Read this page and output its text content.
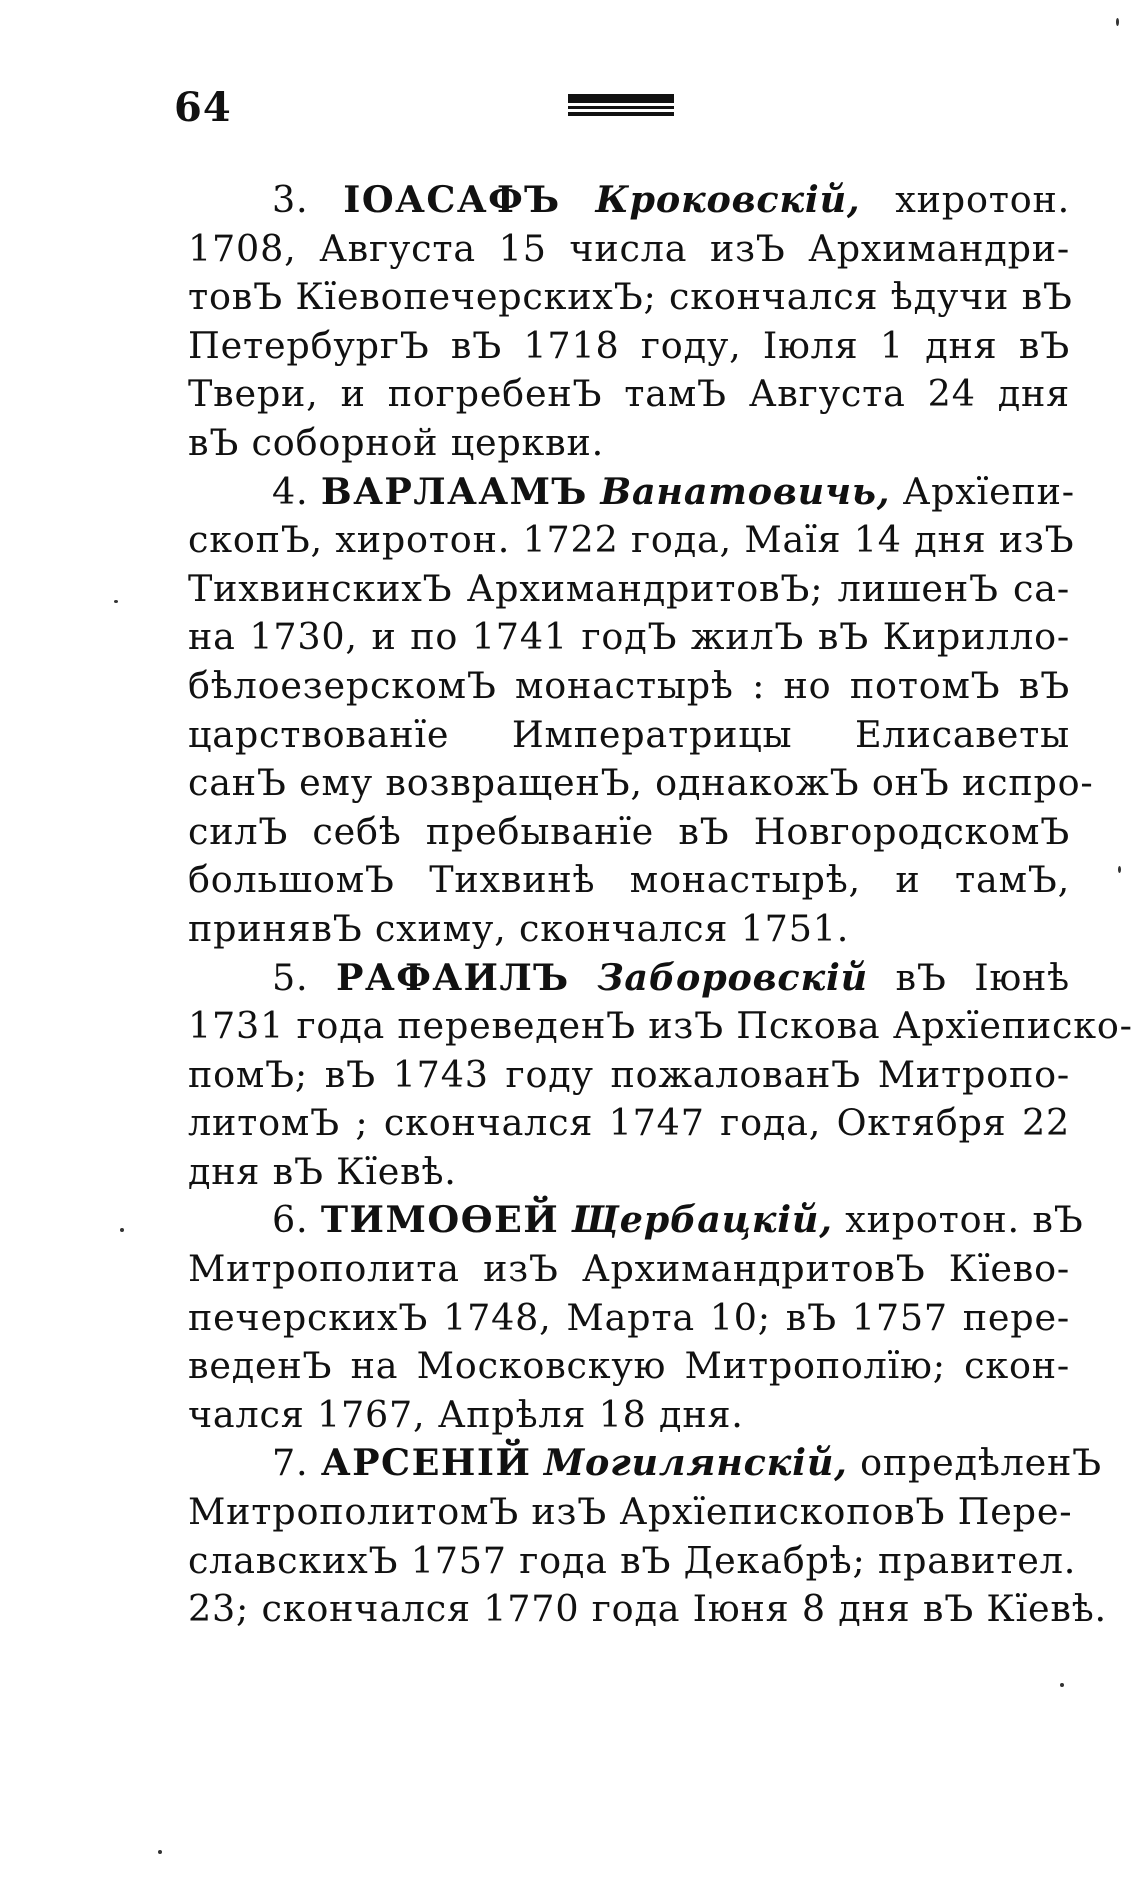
64
3. ІОАСАФЪ Кроковскій, хиротон.
1708, Августа 15 числа изЪ Архимандри-
товЪ КїевопечерскихЪ; скончался ѣдучи вЪ
ПетербургЪ вЪ 1718 году, Іюля 1 дня вЪ
Твери, и погребенЪ тамЪ Августа 24 дня
вЪ соборной церкви.
4. ВАРЛААМЪ Ванатовичь, Архїепи-
скопЪ, хиротон. 1722 года, Маїя 14 дня изЪ
ТихвинскихЪ АрхимандритовЪ; лишенЪ са-
на 1730, и по 1741 годЪ жилЪ вЪ Кирилло-
бѣлоезерскомЪ монастырѣ : но потомЪ вЪ
царствованїе Императрицы Елисаветы
санЪ ему возвращенЪ, однакожЪ онЪ испро-
силЪ себѣ пребыванїе вЪ НовгородскомЪ
большомЪ Тихвинѣ монастырѣ, и тамЪ,
принявЪ схиму, скончался 1751.
5. РАФАИЛЪ Заборовскій вЪ Іюнѣ
1731 года переведенЪ изЪ Пскова Архїеписко-
помЪ; вЪ 1743 году пожалованЪ Митропо-
литомЪ ; скончался 1747 года, Октября 22
дня вЪ Кїевѣ.
6. ТИМОѲЕЙ Щербацкій, хиротон. вЪ
Митрополита изЪ АрхимандритовЪ Кїево-
печерскихЪ 1748, Марта 10; вЪ 1757 пере-
веденЪ на Московскую Митрополїю; скон-
чался 1767, Апрѣля 18 дня.
7. АРСЕНІЙ Могилянскій, опредѣленЪ
МитрополитомЪ изЪ АрхїепископовЪ Пере-
славскихЪ 1757 года вЪ Декабрѣ; правител.
23; скончался 1770 года Іюня 8 дня вЪ Кїевѣ.
